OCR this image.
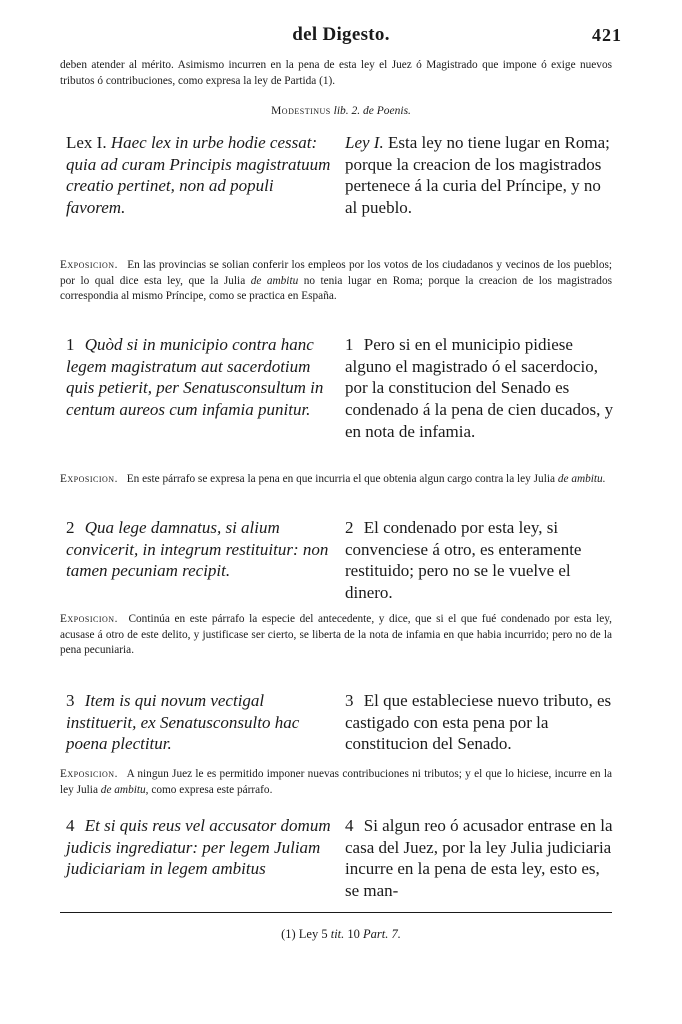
del Digesto.	421
deben atender al mérito. Asimismo incurren en la pena de esta ley el Juez ó Magistrado que impone ó exige nuevos tributos ó contribuciones, como expresa la ley de Partida (1).
Modestinus lib. 2. de Poenis.
Lex I. Haec lex in urbe hodie cessat: quia ad curam Principis magistratuum creatio pertinet, non ad populi favorem.
Ley I. Esta ley no tiene lugar en Roma; porque la creacion de los magistrados pertenece á la curia del Príncipe, y no al pueblo.
Exposicion. En las provincias se solian conferir los empleos por los votos de los ciudadanos y vecinos de los pueblos; por lo qual dice esta ley, que la Julia de ambitu no tenia lugar en Roma; porque la creacion de los magistrados correspondia al mismo Príncipe, como se practica en España.
1 Quòd si in municipio contra hanc legem magistratum aut sacerdotium quis petierit, per Senatusconsultum in centum aureos cum infamia punitur.
1 Pero si en el municipio pidiese alguno el magistrado ó el sacerdocio, por la constitucion del Senado es condenado á la pena de cien ducados, y en nota de infamia.
Exposicion. En este párrafo se expresa la pena en que incurria el que obtenia algun cargo contra la ley Julia de ambitu.
2 Qua lege damnatus, si alium convicerit, in integrum restituitur: non tamen pecuniam recipit.
2 El condenado por esta ley, si convenciese á otro, es enteramente restituido; pero no se le vuelve el dinero.
Exposicion. Continúa en este párrafo la especie del antecedente, y dice, que si el que fué condenado por esta ley, acusase á otro de este delito, y justificase ser cierto, se liberta de la nota de infamia en que habia incurrido; pero no de la pena pecuniaria.
3 Item is qui novum vectigal instituerit, ex Senatusconsulto hac poena plectitur.
3 El que estableciese nuevo tributo, es castigado con esta pena por la constitucion del Senado.
Exposicion. A ningun Juez le es permitido imponer nuevas contribuciones ni tributos; y el que lo hiciese, incurre en la ley Julia de ambitu, como expresa este párrafo.
4 Et si quis reus vel accusator domum judicis ingrediatur: per legem Juliam judiciariam in legem ambitus
4 Si algun reo ó acusador entrase en la casa del Juez, por la ley Julia judiciaria incurre en la pena de esta ley, esto es, se man-
(1) Ley 5 tit. 10 Part. 7.
